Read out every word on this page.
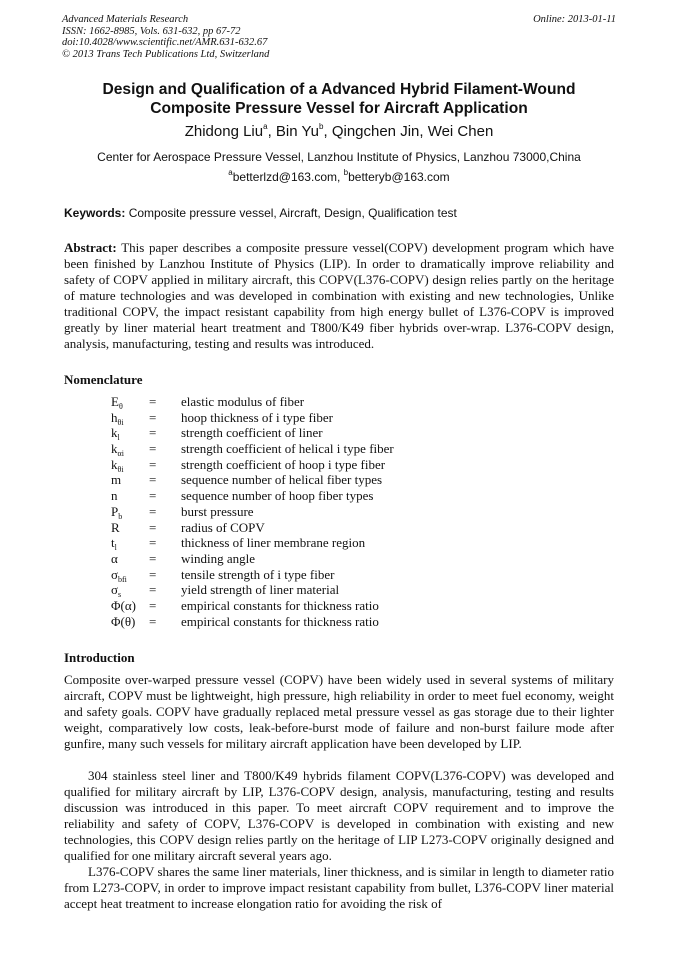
Advanced Materials Research
ISSN: 1662-8985, Vols. 631-632, pp 67-72
doi:10.4028/www.scientific.net/AMR.631-632.67
© 2013 Trans Tech Publications Ltd, Switzerland
Online: 2013-01-11
Design and Qualification of a Advanced Hybrid Filament-Wound
Composite Pressure Vessel for Aircraft Application
Zhidong Liu$^a$, Bin Yu$^b$, Qingchen Jin, Wei Chen
Center for Aerospace Pressure Vessel, Lanzhou Institute of Physics, Lanzhou 73000,China
$^a$betterlzd@163.com, $^b$betteryb@163.com
Keywords: Composite pressure vessel, Aircraft, Design, Qualification test
Abstract: This paper describes a composite pressure vessel(COPV) development program which have been finished by Lanzhou Institute of Physics (LIP). In order to dramatically improve reliability and safety of COPV applied in military aircraft, this COPV(L376-COPV) design relies partly on the heritage of mature technologies and was developed in combination with existing and new technologies, Unlike traditional COPV, the impact resistant capability from high energy bullet of L376-COPV is improved greatly by liner material heart treatment and T800/K49 fiber hybrids over-wrap. L376-COPV design, analysis, manufacturing, testing and results was introduced.
Nomenclature
$E_\theta$ = elastic modulus of fiber
$h_{\theta i}$ = hoop thickness of i type fiber
$k_l$ = strength coefficient of liner
$k_{\alpha i}$ = strength coefficient of helical i type fiber
$k_{\theta i}$ = strength coefficient of hoop i type fiber
m = sequence number of helical fiber types
n = sequence number of hoop fiber types
$P_b$ = burst pressure
R = radius of COPV
$t_l$ = thickness of liner membrane region
α = winding angle
$\sigma_{bfi}$ = tensile strength of i type fiber
$\sigma_s$ = yield strength of liner material
Φ(α) = empirical constants for thickness ratio
Φ(θ) = empirical constants for thickness ratio
Introduction
Composite over-warped pressure vessel (COPV) have been widely used in several systems of military aircraft, COPV must be lightweight, high pressure, high reliability in order to meet fuel economy, weight and safety goals. COPV have gradually replaced metal pressure vessel as gas storage due to their lighter weight, comparatively low costs, leak-before-burst mode of failure and non-burst failure mode after gunfire, many such vessels for military aircraft application have been developed by LIP.
304 stainless steel liner and T800/K49 hybrids filament COPV(L376-COPV) was developed and qualified for military aircraft by LIP, L376-COPV design, analysis, manufacturing, testing and results discussion was introduced in this paper. To meet aircraft COPV requirement and to improve the reliability and safety of COPV, L376-COPV is developed in combination with existing and new technologies, this COPV design relies partly on the heritage of LIP L273-COPV originally designed and qualified for one military aircraft several years ago.
L376-COPV shares the same liner materials, liner thickness, and is similar in length to diameter ratio from L273-COPV, in order to improve impact resistant capability from bullet, L376-COPV liner material accept heat treatment to increase elongation ratio for avoiding the risk of
